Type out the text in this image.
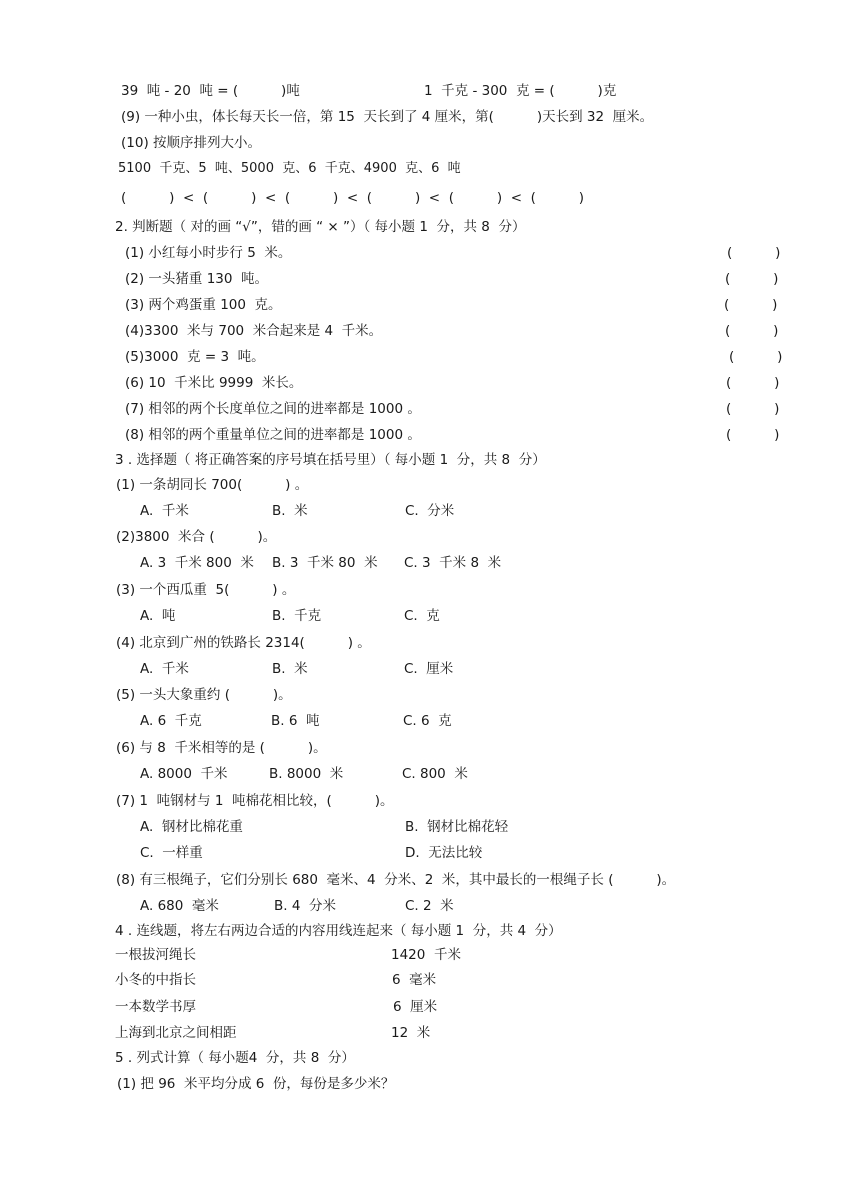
39  吨 - 20  吨 = (          )吨	1  千克 - 300  克 = (          )克
(9) 一种小虫，体长每天长一倍，第 15  天长到了 4 厘米，第(          )天长到 32  厘米。
(10) 按顺序排列大小。
5100  千克、5  吨、5000  克、6  千克、4900  克、6  吨
(          )  <  (          )  <  (          )  <  (          )  <  (          )  <  (          )
2. 判断题（ 对的画 “√”，错的画 “ × ”）（ 每小题 1  分，共 8  分）
(1) 小红每小时步行 5  米。	(          )
(2) 一头猪重 130  吨。	(          )
(3) 两个鸡蛋重 100  克。	(          )
(4)3300  米与 700  米合起来是 4  千米。	(          )
(5)3000  克 = 3  吨。	(          )
(6) 10  千米比 9999  米长。	(          )
(7) 相邻的两个长度单位之间的进率都是 1000 。	(          )
(8) 相邻的两个重量单位之间的进率都是 1000 。	(          )
3 . 选择题（ 将正确答案的序号填在括号里）（ 每小题 1  分，共 8  分）
(1) 一条胡同长 700(          ) 。
A.  千米	B.  米	C.  分米
(2)3800  米合 (          )。
A. 3  千米 800  米 B. 3  千米 80  米 C. 3  千米 8  米
(3) 一个西瓜重  5(          ) 。
A.  吨	B.  千克	C.  克
(4) 北京到广州的铁路长 2314(          ) 。
A.  千米	B.  米	C.  厘米
(5) 一头大象重约 (          )。
A. 6  千克	B. 6  吨	C. 6  克
(6) 与 8  千米相等的是 (          )。
A. 8000  千米	B. 8000  米	C. 800  米
(7) 1  吨钢材与 1  吨棉花相比较，(          )。
A.  钢材比棉花重	B.  钢材比棉花轻
C.  一样重	D.  无法比较
(8) 有三根绳子，它们分别长 680  毫米、4  分米、2  米，其中最长的一根绳子长 (          )。
A. 680  毫米	B. 4  分米	C. 2  米
4 . 连线题，将左右两边合适的内容用线连起来（ 每小题 1  分，共 4  分）
一根拔河绳长	1420  千米
小冬的中指长	6  毫米
一本数学书厚	6  厘米
上海到北京之间相距	12  米
5 . 列式计算（ 每小题4  分，共 8  分）
(1) 把 96  米平均分成 6  份，每份是多少米？
